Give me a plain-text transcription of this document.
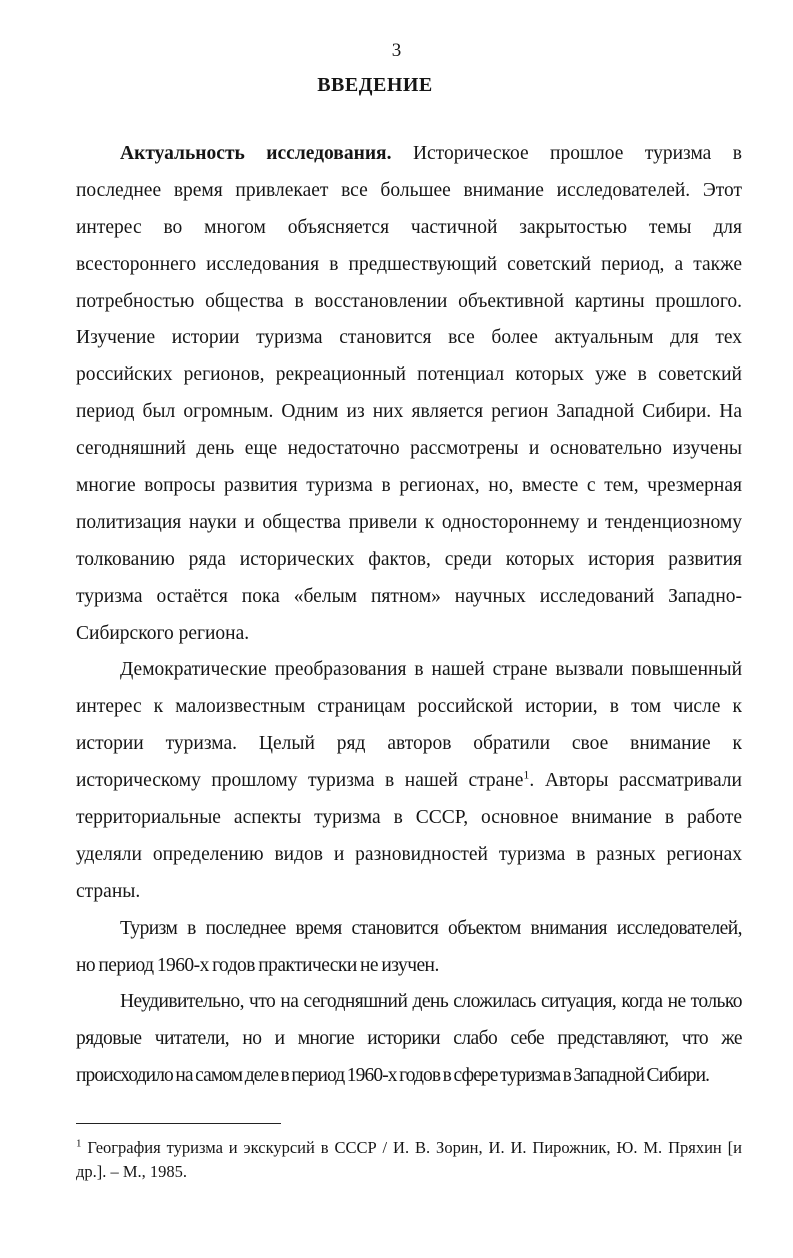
3
ВВЕДЕНИЕ
Актуальность исследования. Историческое прошлое туризма в
последнее время привлекает все большее внимание исследователей. Этот
интерес во многом объясняется частичной закрытостью темы для
всестороннего исследования в предшествующий советский период, а также
потребностью общества в восстановлении объективной картины прошлого.
Изучение истории туризма становится все более актуальным для тех
российских регионов, рекреационный потенциал которых уже в советский
период был огромным. Одним из них является регион Западной Сибири. На
сегодняшний день еще недостаточно рассмотрены и основательно изучены
многие вопросы развития туризма в регионах, но, вместе с тем, чрезмерная
политизация науки и общества привели к одностороннему и тенденциозному
толкованию ряда исторических фактов, среди которых история развития
туризма остаётся пока «белым пятном» научных исследований Западно-
Сибирского региона.
Демократические преобразования в нашей стране вызвали повышенный
интерес к малоизвестным страницам российской истории, в том числе к
истории туризма. Целый ряд авторов обратили свое внимание к
историческому прошлому туризма в нашей стране$^1$. Авторы рассматривали
территориальные аспекты туризма в СССР, основное внимание в работе
уделяли определению видов и разновидностей туризма в разных регионах
страны.
Туризм в последнее время становится объектом внимания исследователей,
но период 1960-х годов практически не изучен.
Неудивительно, что на сегодняшний день сложилась ситуация, когда не только
рядовые читатели, но и многие историки слабо себе представляют, что же
происходило на самом деле в период 1960-х годов в сфере туризма в Западной Сибири.
$^1$ География туризма и экскурсий в СССР / И. В. Зорин, И. И. Пирожник, Ю. М. Пряхин [и
др.]. – М., 1985.
